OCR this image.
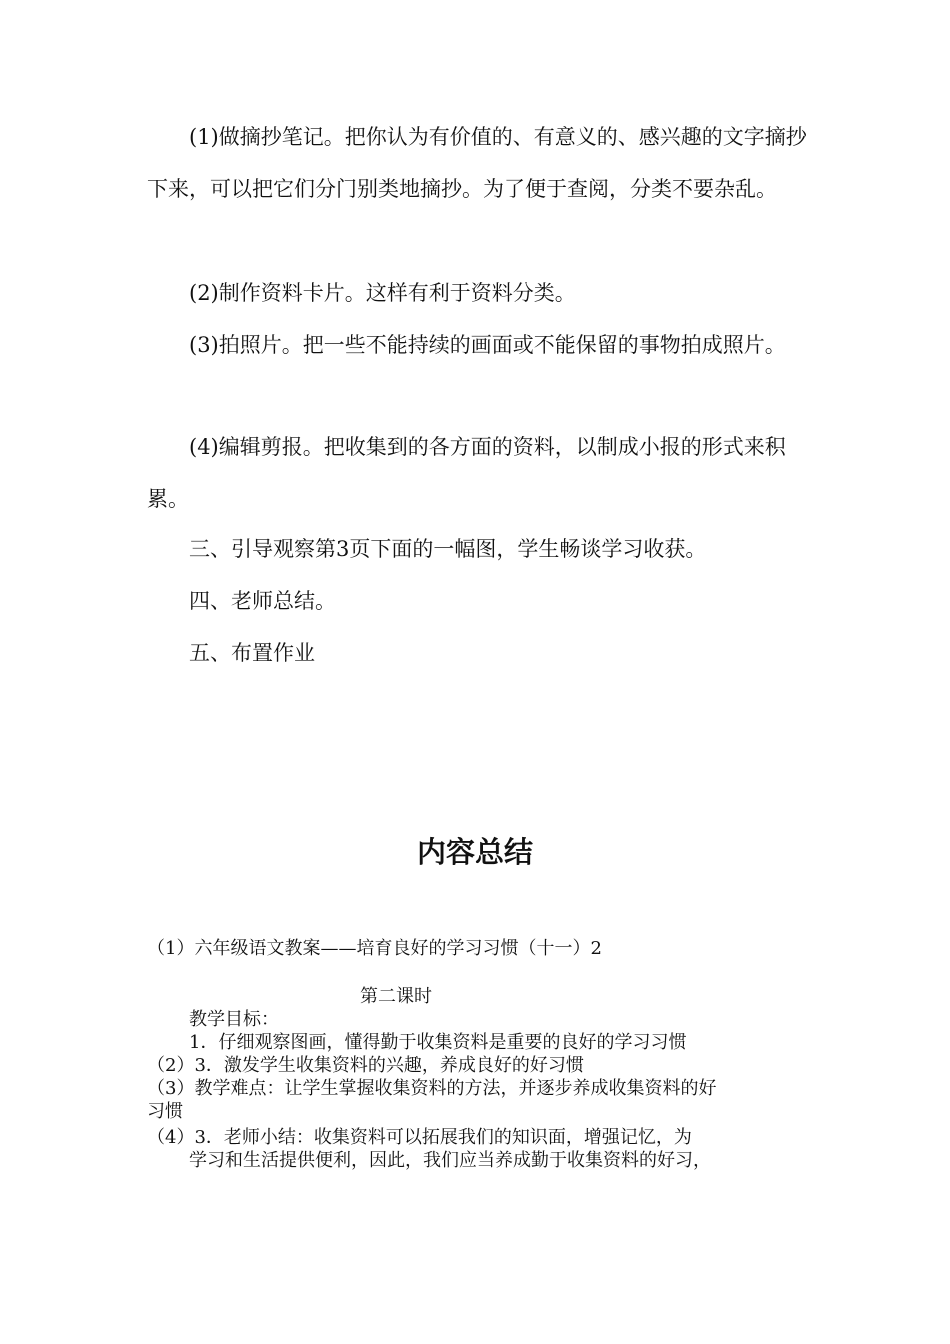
(1)做摘抄笔记。把你认为有价值的、有意义的、感兴趣的文字摘抄下来，可以把它们分门别类地摘抄。为了便于查阅，分类不要杂乱。

(2)制作资料卡片。这样有利于资料分类。

(3)拍照片。把一些不能持续的画面或不能保留的事物拍成照片。

(4)编辑剪报。把收集到的各方面的资料，以制成小报的形式来积累。

三、引导观察第3页下面的一幅图，学生畅谈学习收获。

四、老师总结。

五、布置作业

内容总结

（1）六年级语文教案——培育良好的学习习惯（十一）2

第二课时

教学目标：

1．仔细观察图画，懂得勤于收集资料是重要的良好的学习习惯

（2）3．激发学生收集资料的兴趣，养成良好的好习惯

（3）教学难点：让学生掌握收集资料的方法，并逐步养成收集资料的好

习惯

（4）3．老师小结：收集资料可以拓展我们的知识面，增强记忆，为

学习和生活提供便利，因此，我们应当养成勤于收集资料的好习，
